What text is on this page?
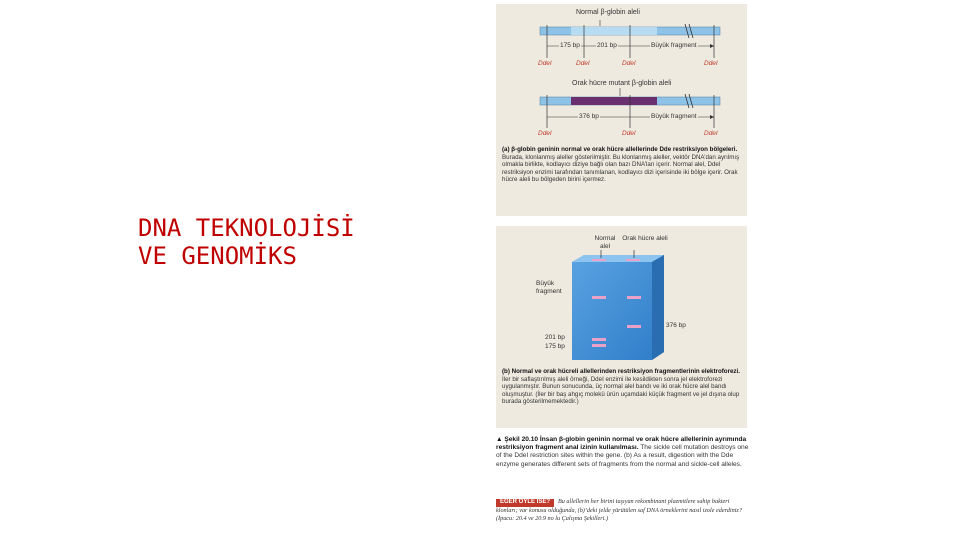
DNA TEKNOLOJİSİ
VE GENOMİKS
Normal β-globin aleli
175 bp	201 bp	Büyük fragment
DdeI	DdeI	DdeI	DdeI
Orak hücre mutant β-globin aleli
376 bp	Büyük fragment
DdeI	DdeI	DdeI
(a) β-globin geninin normal ve orak hücre allellerinde Dde restriksiyon bölgeleri. Burada, klonlanmış aleller gösterilmiştir. Bu klonlanmış aleller, vektör DNA’dan ayrılmış olmakla birlikte, kodlayıcı diziye bağlı olan bazı DNA’ları içerir. Normal alel, DdeI restriksiyon enzimi tarafından tanımlanan, kodlayıcı dizi içerisinde iki bölge içerir. Orak hücre aleli bu bölgeden birini içermez.
Normal alel
Orak hücre aleli
Büyük fragment
376 bp
201 bp
175 bp
(b) Normal ve orak hücreli allellerinden restriksiyon fragmentlerinin elektroforezi. İler bir saflaştırılmış aleli örneği, DdeI enzimi ile kesildikten sonra jel elektroforezi uygulanmıştır. Bunun sonucunda, üç normal alel bandı ve iki orak hücre alel bandı oluşmuştur. (İler bir baş ahgıç molekü ürün uçamdaki küçük fragment ve jel dışına olup burada gösterilmemektedir.)
▲ Şekil 20.10 İnsan β-globin geninin normal ve orak hücre allellerinin ayrımında restriksiyon fragment anal izinin kullanılması. The sickle cell mutation destroys one of the DdeI restriction sites within the gene. (b) As a result, digestion with the Dde enzyme generates different sets of fragments from the normal and sickle-cell alleles.
EĞER ÖYLE İSE? Bu allellerin her birini taşıyan rekombinant plazmitlere sahip bakteri klonları; var konusu olduğunda, (b)’deki jelde yürütülen saf DNA örneklerini nasıl izole ederdiniz? (İpucu: 20.4 ve 20.9 no lu Çalışma Şekilleri.)
